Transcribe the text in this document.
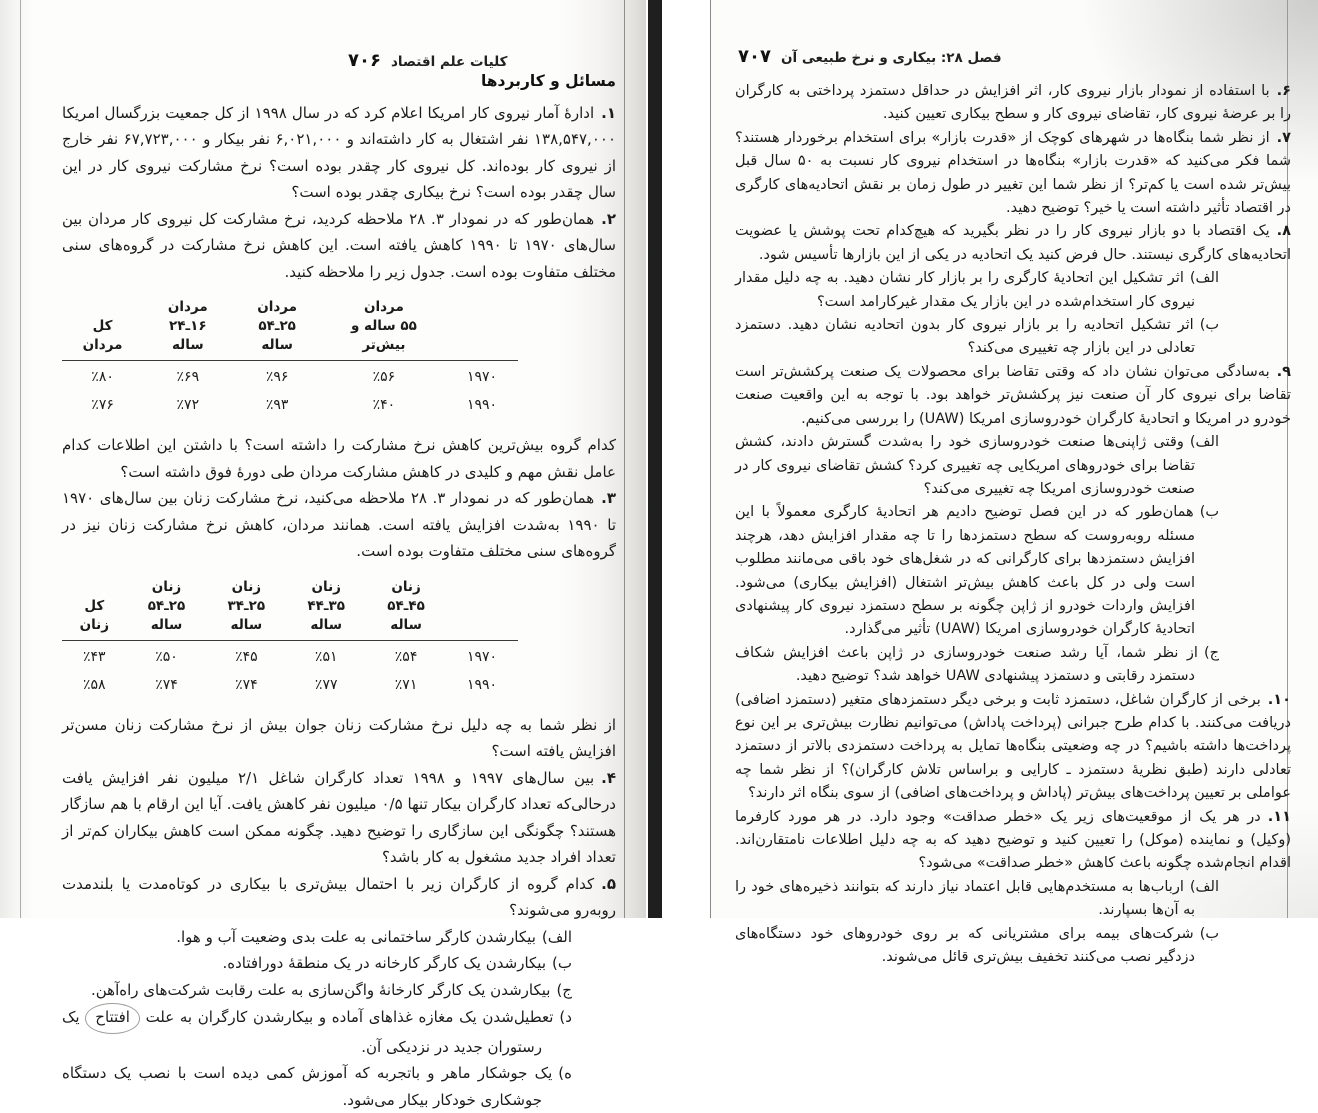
کلیات علم اقتصاد
۷۰۶
مسائل و کاربردها
۱.ادارۀ آمار نیروی کار امریکا اعلام کرد که در سال ۱۹۹۸ از کل جمعیت بزرگسال امریکا ۱۳۸,۵۴۷,۰۰۰ نفر اشتغال به کار داشته‌اند و ۶,۰۲۱,۰۰۰ نفر بیکار و ۶۷,۷۲۳,۰۰۰ نفر خارج از نیروی کار بوده‌اند. کل نیروی کار چقدر بوده است؟ نرخ مشارکت نیروی کار در این سال چقدر بوده است؟ نرخ بیکاری چقدر بوده است؟
۲.همان‌طور که در نمودار ۳. ۲۸ ملاحظه کردید، نرخ مشارکت کل نیروی کار مردان بین سال‌های ۱۹۷۰ تا ۱۹۹۰ کاهش یافته است. این کاهش نرخ مشارکت در گروه‌های سنی مختلف متفاوت بوده است. جدول زیر را ملاحظه کنید.

مردان
۵۵ ساله و بیش‌تر

مردان
۲۵ـ۵۴ ساله

مردان
۱۶ـ۲۴ ساله

کل مردان

۱۹۷۰	٪۵۶	٪۹۶	٪۶۹	٪۸۰
۱۹۹۰	٪۴۰	٪۹۳	٪۷۲	٪۷۶
کدام گروه بیش‌ترین کاهش نرخ مشارکت را داشته است؟ با داشتن این اطلاعات کدام عامل نقش مهم و کلیدی در کاهش مشارکت مردان طی دورۀ فوق داشته است؟
۳.همان‌طور که در نمودار ۳. ۲۸ ملاحظه می‌کنید، نرخ مشارکت زنان بین سال‌های ۱۹۷۰ تا ۱۹۹۰ به‌شدت افزایش یافته است. همانند مردان، کاهش نرخ مشارکت زنان نیز در گروه‌های سنی مختلف متفاوت بوده است.

زنان
۴۵ـ۵۴ ساله

زنان
۳۵ـ۴۴ ساله

زنان
۲۵ـ۳۴ ساله

زنان
۲۵ـ۵۴ ساله

کل زنان

۱۹۷۰	٪۵۴	٪۵۱	٪۴۵	٪۵۰	٪۴۳
۱۹۹۰	٪۷۱	٪۷۷	٪۷۴	٪۷۴	٪۵۸
از نظر شما به چه دلیل نرخ مشارکت زنان جوان بیش از نرخ مشارکت زنان مسن‌تر افزایش یافته است؟
۴.بین سال‌های ۱۹۹۷ و ۱۹۹۸ تعداد کارگران شاغل ۲/۱ میلیون نفر افزایش یافت درحالی‌که تعداد کارگران بیکار تنها ۰/۵ میلیون نفر کاهش یافت. آیا این ارقام با هم سازگار هستند؟ چگونگی این سازگاری را توضیح دهید. چگونه ممکن است کاهش بیکاران کم‌تر از تعداد افراد جدید مشغول به کار باشد؟
۵.کدام گروه از کارگران زیر با احتمال بیش‌تری با بیکاری در کوتاه‌مدت یا بلندمدت روبه‌رو می‌شوند؟
الف)بیکارشدن کارگر ساختمانی به علت بدی وضعیت آب و هوا.
ب)بیکارشدن یک کارگر کارخانه در یک منطقۀ دورافتاده.
ج)بیکارشدن یک کارگر کارخانۀ واگن‌سازی به علت رقابت شرکت‌های راه‌آهن.
د)تعطیل‌شدن یک مغازه غذاهای آماده و بیکارشدن کارگران به علت افتتاح یک رستوران جدید در نزدیکی آن.
ه)یک جوشکار ماهر و باتجربه که آموزش کمی دیده است با نصب یک دستگاه جوشکاری خودکار بیکار می‌شود.
فصل ۲۸: بیکاری و نرخ طبیعی آن
۷۰۷
۶.با استفاده از نمودار بازار نیروی کار، اثر افزایش در حداقل دستمزد پرداختی به کارگران را بر عرضۀ نیروی کار، تقاضای نیروی کار و سطح بیکاری تعیین کنید.
۷.از نظر شما بنگاه‌ها در شهرهای کوچک از «قدرت بازار» برای استخدام برخوردار هستند؟ شما فکر می‌کنید که «قدرت بازار» بنگاه‌ها در استخدام نیروی کار نسبت به ۵۰ سال قبل بیش‌تر شده است یا کم‌تر؟ از نظر شما این تغییر در طول زمان بر نقش اتحادیه‌های کارگری در اقتصاد تأثیر داشته است یا خیر؟ توضیح دهید.
۸.یک اقتصاد با دو بازار نیروی کار را در نظر بگیرید که هیچ‌کدام تحت پوشش یا عضویت اتحادیه‌های کارگری نیستند. حال فرض کنید یک اتحادیه در یکی از این بازارها تأسیس شود.
الف)اثر تشکیل این اتحادیۀ کارگری را بر بازار کار نشان دهید. به چه دلیل مقدار نیروی کار استخدام‌شده در این بازار یک مقدار غیرکارامد است؟
ب)اثر تشکیل اتحادیه را بر بازار نیروی کار بدون اتحادیه نشان دهید. دستمزد تعادلی در این بازار چه تغییری می‌کند؟
۹.به‌سادگی می‌توان نشان داد که وقتی تقاضا برای محصولات یک صنعت پرکشش‌تر است تقاضا برای نیروی کار آن صنعت نیز پرکشش‌تر خواهد بود. با توجه به این واقعیت صنعت خودرو در امریکا و اتحادیۀ کارگران خودروسازی امریکا (UAW) را بررسی می‌کنیم.
الف)وقتی ژاپنی‌ها صنعت خودروسازی خود را به‌شدت گسترش دادند، کشش تقاضا برای خودروهای امریکایی چه تغییری کرد؟ کشش تقاضای نیروی کار در صنعت خودروسازی امریکا چه تغییری می‌کند؟
ب)همان‌طور که در این فصل توضیح دادیم هر اتحادیۀ کارگری معمولاً با این مسئله روبه‌روست که سطح دستمزدها را تا چه مقدار افزایش دهد، هرچند افزایش دستمزدها برای کارگرانی که در شغل‌های خود باقی می‌مانند مطلوب است ولی در کل باعث کاهش بیش‌تر اشتغال (افزایش بیکاری) می‌شود. افزایش واردات خودرو از ژاپن چگونه بر سطح دستمزد نیروی کار پیشنهادی اتحادیۀ کارگران خودروسازی امریکا (UAW) تأثیر می‌گذارد.
ج)از نظر شما، آیا رشد صنعت خودروسازی در ژاپن باعث افزایش شکاف دستمزد رقابتی و دستمزد پیشنهادی UAW خواهد شد؟ توضیح دهید.
۱۰.برخی از کارگران شاغل، دستمزد ثابت و برخی دیگر دستمزدهای متغیر (دستمزد اضافی) دریافت می‌کنند. با کدام طرح جبرانی (پرداخت پاداش) می‌توانیم نظارت بیش‌تری بر این نوع پرداخت‌ها داشته باشیم؟ در چه وضعیتی بنگاه‌ها تمایل به پرداخت دستمزدی بالاتر از دستمزد تعادلی دارند (طبق نظریۀ دستمزد ـ کارایی و براساس تلاش کارگران)؟ از نظر شما چه عواملی بر تعیین پرداخت‌های بیش‌تر (پاداش و پرداخت‌های اضافی) از سوی بنگاه اثر دارند؟
۱۱.در هر یک از موقعیت‌های زیر یک «خطر صداقت» وجود دارد. در هر مورد کارفرما (وکیل) و نماینده (موکل) را تعیین کنید و توضیح دهید که به چه دلیل اطلاعات نامتقارن‌اند. اقدام انجام‌شده چگونه باعث کاهش «خطر صداقت» می‌شود؟
الف)ارباب‌ها به مستخدم‌هایی قابل اعتماد نیاز دارند که بتوانند ذخیره‌های خود را به آن‌ها بسپارند.
ب)شرکت‌های بیمه برای مشتریانی که بر روی خودروهای خود دستگاه‌های دزدگیر نصب می‌کنند تخفیف بیش‌تری قائل می‌شوند.
